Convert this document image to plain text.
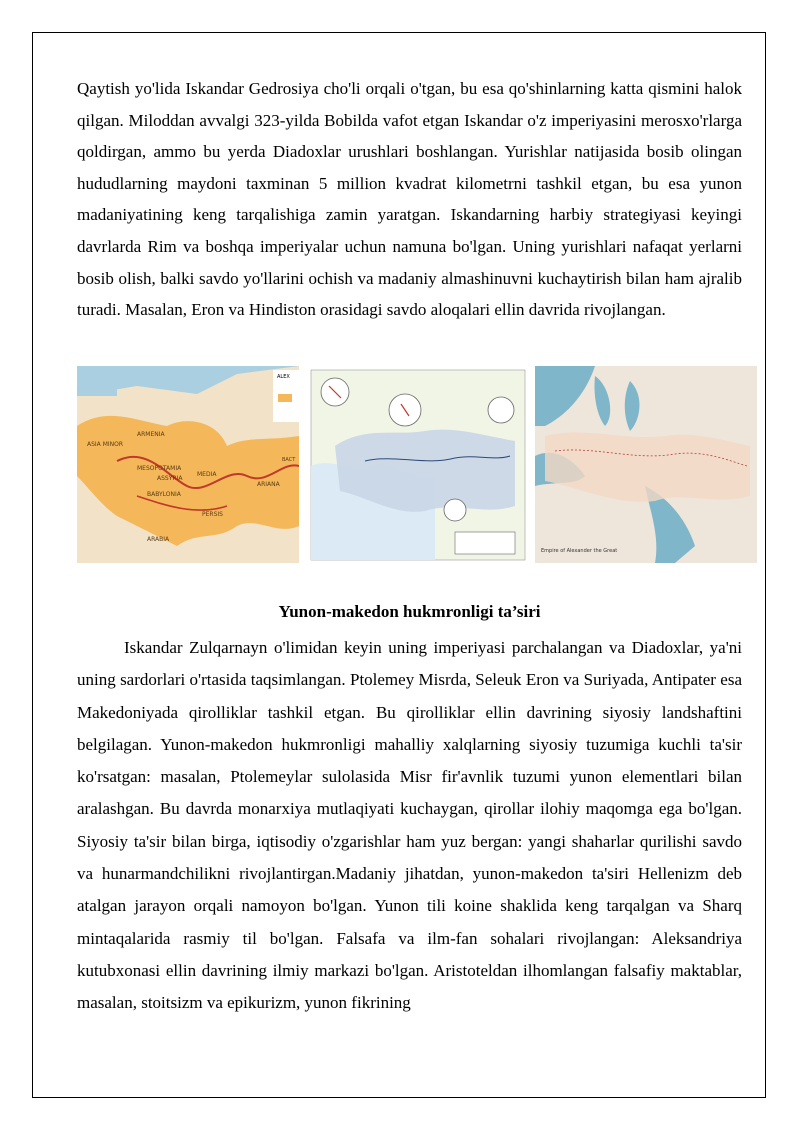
Qaytish yo'lida Iskandar Gedrosiya cho'li orqali o'tgan, bu esa qo'shinlarning katta qismini halok qilgan. Miloddan avvalgi 323-yilda Bobilda vafot etgan Iskandar o'z imperiyasini merosxo'rlarga qoldirgan, ammo bu yerda Diadoxlar urushlari boshlangan. Yurishlar natijasida bosib olingan hududlarning maydoni taxminan 5 million kvadrat kilometrni tashkil etgan, bu esa yunon madaniyatining keng tarqalishiga zamin yaratgan. Iskandarning harbiy strategiyasi keyingi davrlarda Rim va boshqa imperiyalar uchun namuna bo'lgan. Uning yurishlari nafaqat yerlarni bosib olish, balki savdo yo'llarini ochish va madaniy almashinuvni kuchaytirish bilan ham ajralib turadi. Masalan, Eron va Hindiston orasidagi savdo aloqalari ellin davrida rivojlangan.

ARMENIA
ASIA MINOR
MESOPOTAMIA
ASSYRIA
BABYLONIA
MEDIA
PERSIS
ARIANA
ARABIA
ALEX
BACT
Empire of Alexander the Great
Yunon-makedon hukmronligi ta’siri

Iskandar Zulqarnayn o'limidan keyin uning imperiyasi parchalangan va Diadoxlar, ya'ni uning sardorlari o'rtasida taqsimlangan. Ptolemey Misrda, Seleuk Eron va Suriyada, Antipater esa Makedoniyada qirolliklar tashkil etgan. Bu qirolliklar ellin davrining siyosiy landshaftini belgilagan. Yunon-makedon hukmronligi mahalliy xalqlarning siyosiy tuzumiga kuchli ta'sir ko'rsatgan: masalan, Ptolemeylar sulolasida Misr fir'avnlik tuzumi yunon elementlari bilan aralashgan. Bu davrda monarxiya mutlaqiyati kuchaygan, qirollar ilohiy maqomga ega bo'lgan. Siyosiy ta'sir bilan birga, iqtisodiy o'zgarishlar ham yuz bergan: yangi shaharlar qurilishi savdo va hunarmandchilikni rivojlantirgan.Madaniy jihatdan, yunon-makedon ta'siri Hellenizm deb atalgan jarayon orqali namoyon bo'lgan. Yunon tili koine shaklida keng tarqalgan va Sharq mintaqalarida rasmiy til bo'lgan. Falsafa va ilm-fan sohalari rivojlangan: Aleksandriya kutubxonasi ellin davrining ilmiy markazi bo'lgan. Aristoteldan ilhomlangan falsafiy maktablar, masalan, stoitsizm va epikurizm, yunon fikrining
